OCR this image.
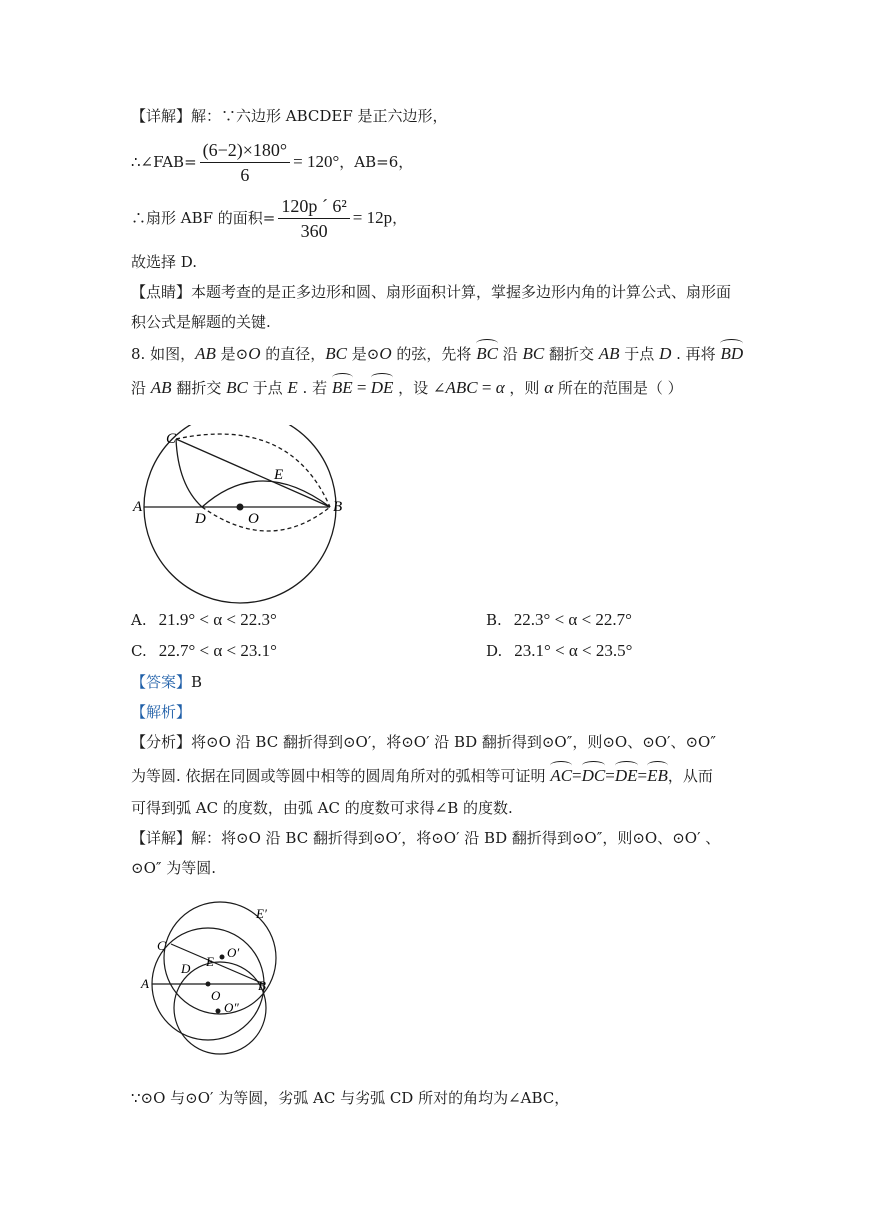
【详解】解：∵六边形 ABCDEF 是正六边形，
∴∠FAB= $\frac{(6-2)\times 180^\circ}{6} = 120^\circ$ ，AB=6，
∴扇形 ABF 的面积= $\frac{\text{120p ´ 6²}}{360} = 12p$ ，
故选择 D.
【点睛】本题考查的是正多边形和圆、扇形面积计算，掌握多边形内角的计算公式、扇形面
积公式是解题的关键.
8. 如图，AB 是⊙O 的直径，BC 是⊙O 的弦，先将 BC 沿 BC 翻折交 AB 于点 D . 再将 BD
沿 AB 翻折交 BC 于点 E . 若 BE = DE ，设 ∠ABC = α ，则 α 所在的范围是（ ）
A	B
C
D
E
O
A. 21.9° < α < 22.3°	B. 22.3° < α < 22.7°
C. 22.7° < α < 23.1°	D. 23.1° < α < 23.5°
【答案】B
【解析】
【分析】将⊙O 沿 BC 翻折得到⊙O′，将⊙O′ 沿 BD 翻折得到⊙O″，则⊙O、⊙O′、⊙O″
为等圆. 依据在同圆或等圆中相等的圆周角所对的弧相等可证明 AC=DC=DE=EB，从而
可得到弧 AC 的度数，由弧 AC 的度数可求得∠B 的度数.
【详解】解：将⊙O 沿 BC 翻折得到⊙O′，将⊙O′ 沿 BD 翻折得到⊙O″，则⊙O、⊙O′ 、
⊙O″ 为等圆.
A	B
C
D E
E′
O
O′
O″
∵⊙O 与⊙O′ 为等圆，劣弧 AC 与劣弧 CD 所对的角均为∠ABC，
